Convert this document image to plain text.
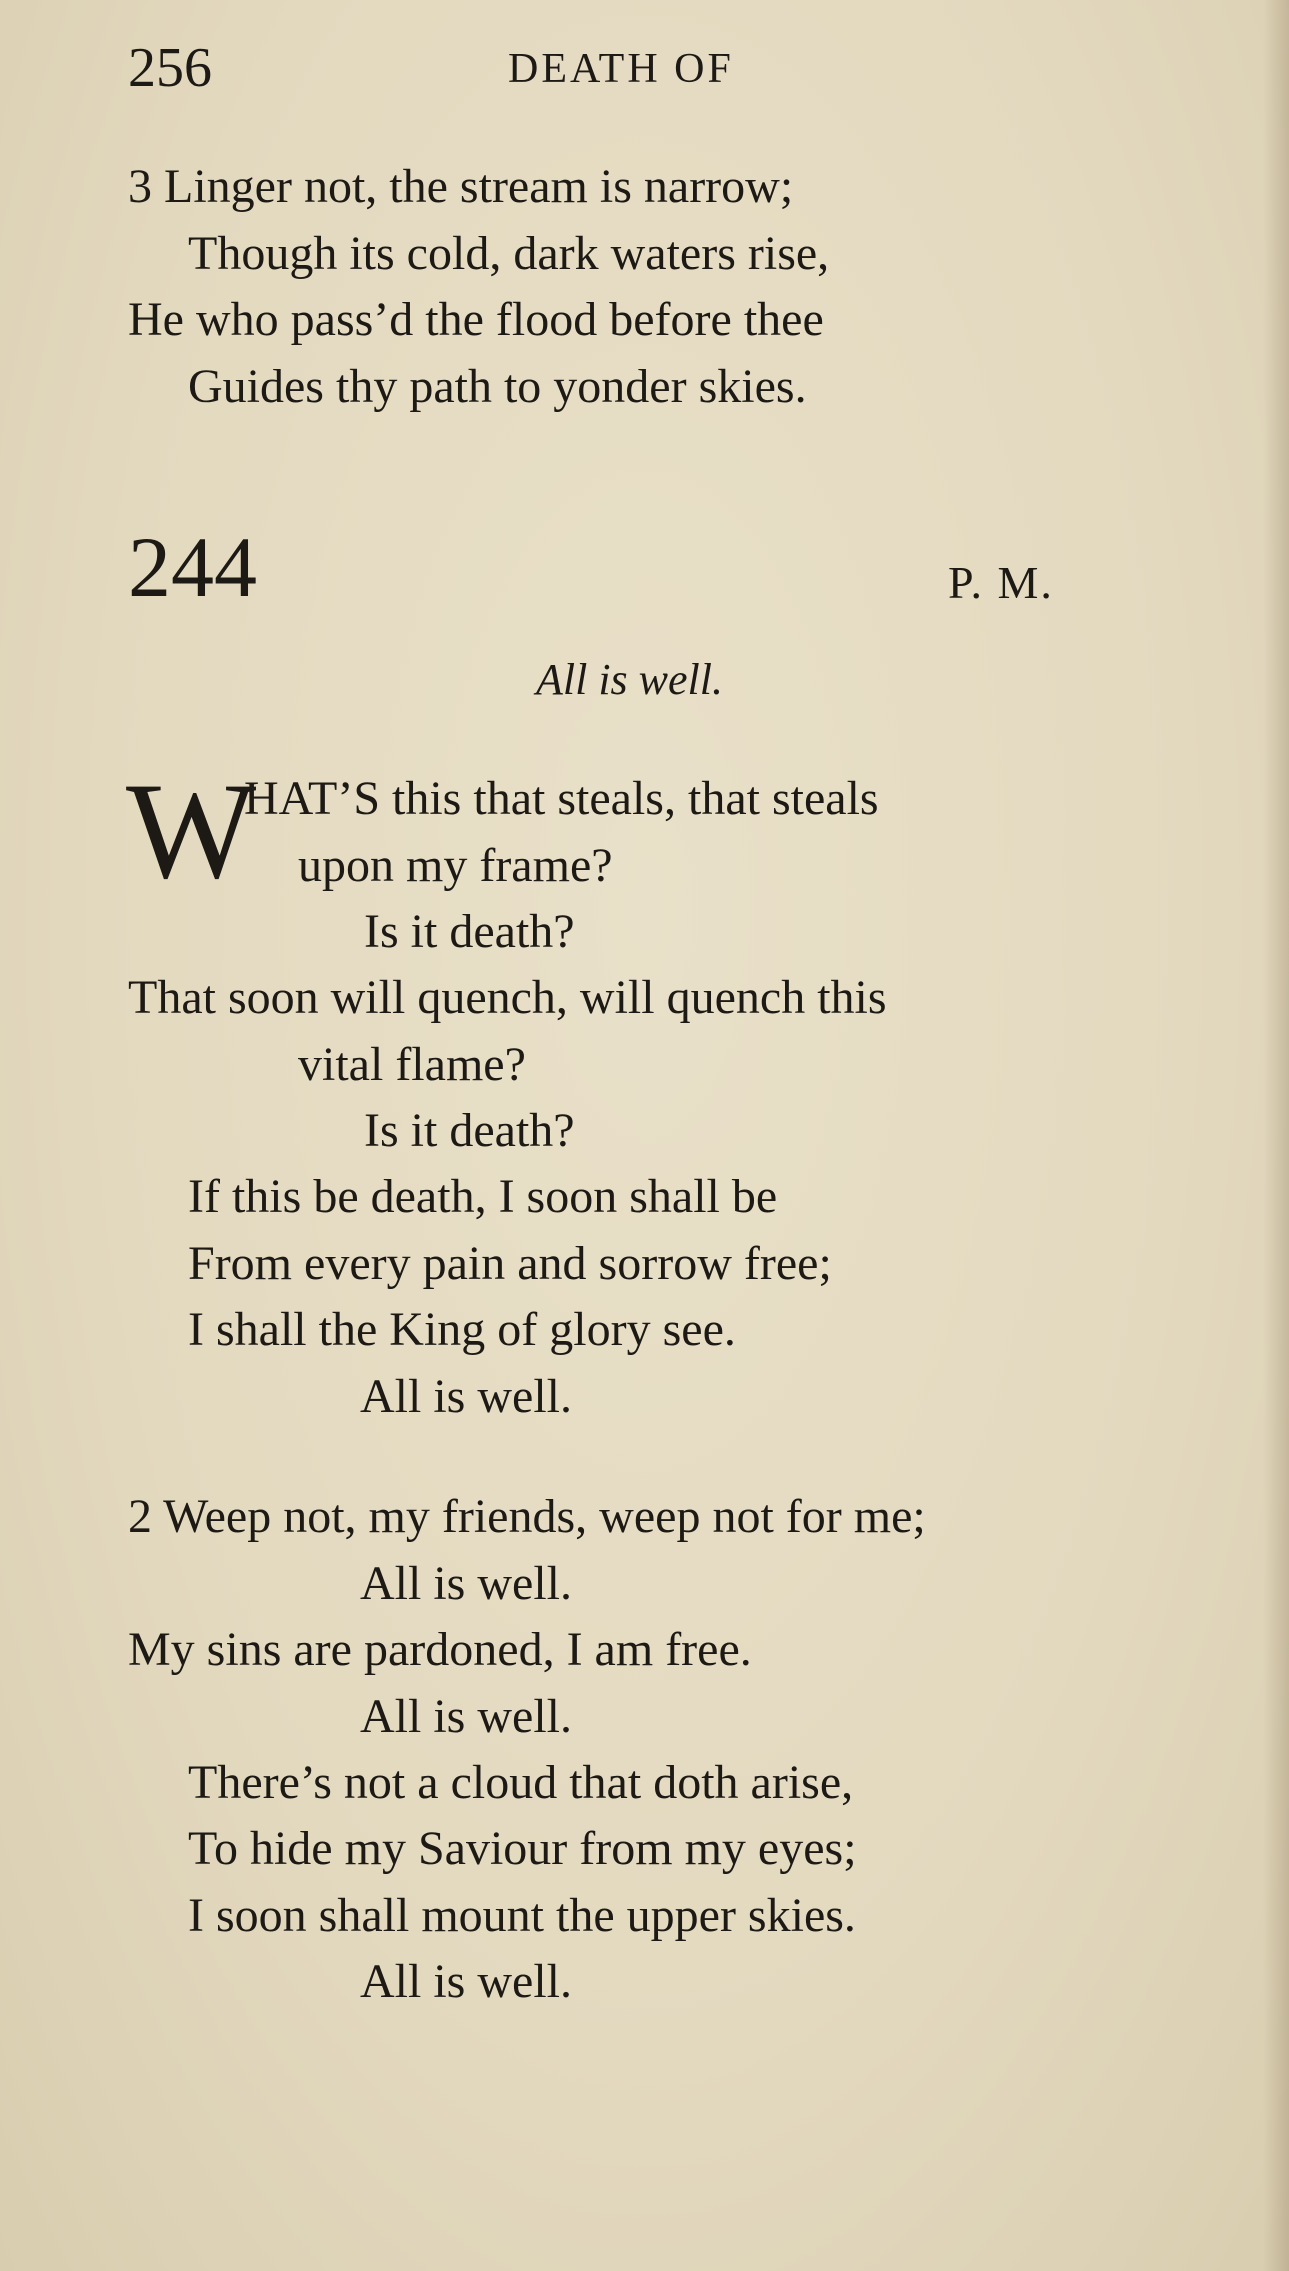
256	DEATH OF
3 Linger not, the stream is narrow;
Though its cold, dark waters rise,
He who pass’d the flood before thee
Guides thy path to yonder skies.
244	P. M.
All is well.
W
HAT’S this that steals, that steals
upon my frame?
Is it death?
That soon will quench, will quench this
vital flame?
Is it death?
If this be death, I soon shall be
From every pain and sorrow free;
I shall the King of glory see.
All is well.
2 Weep not, my friends, weep not for me;
All is well.
My sins are pardoned, I am free.
All is well.
There’s not a cloud that doth arise,
To hide my Saviour from my eyes;
I soon shall mount the upper skies.
All is well.
